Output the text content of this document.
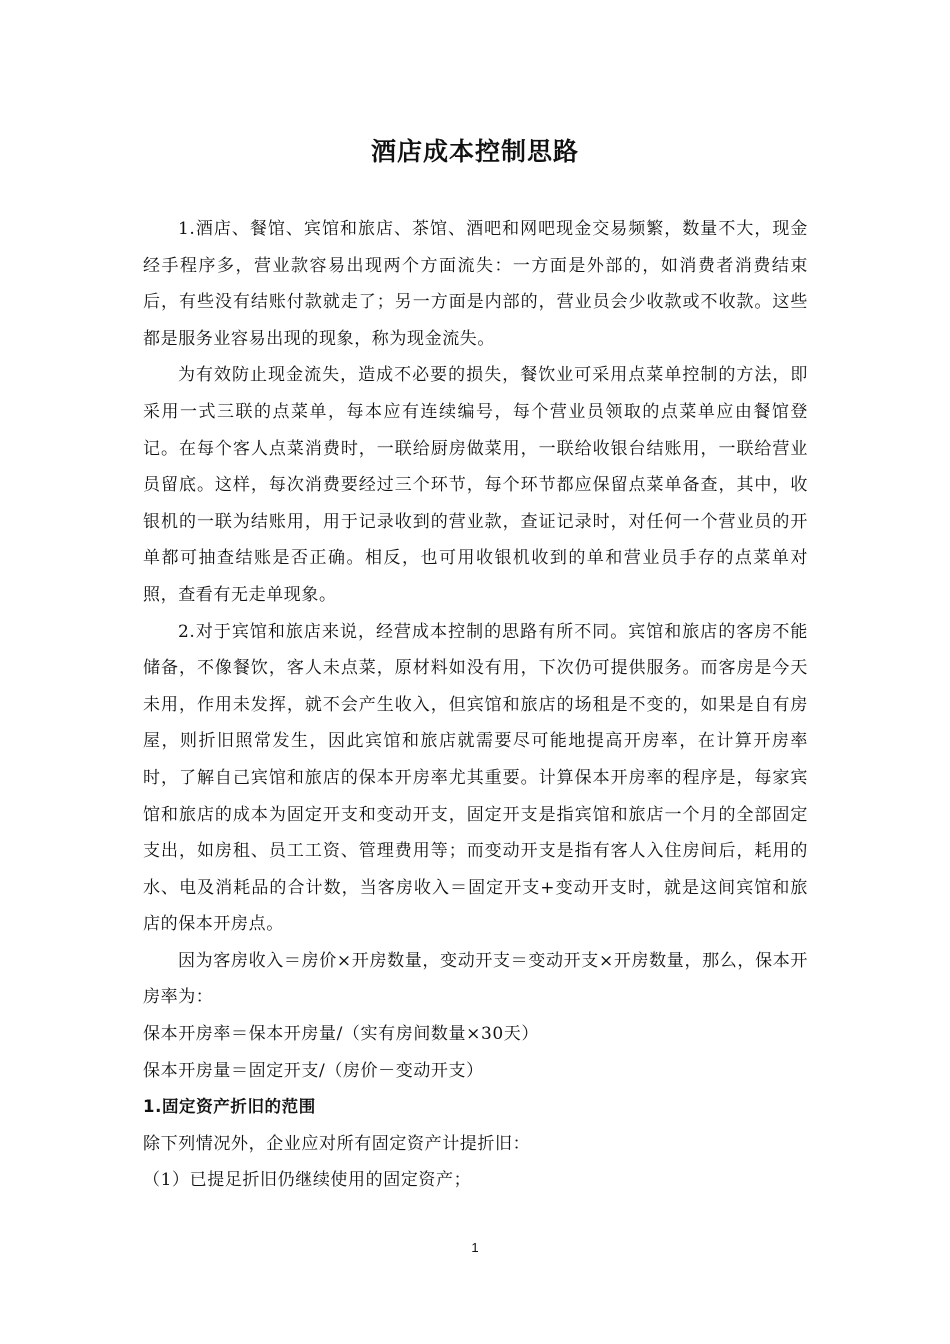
酒店成本控制思路

1.酒店、餐馆、宾馆和旅店、茶馆、酒吧和网吧现金交易频繁，数量不大，现金经手程序多，营业款容易出现两个方面流失：一方面是外部的，如消费者消费结束后，有些没有结账付款就走了；另一方面是内部的，营业员会少收款或不收款。这些都是服务业容易出现的现象，称为现金流失。

为有效防止现金流失，造成不必要的损失，餐饮业可采用点菜单控制的方法，即采用一式三联的点菜单，每本应有连续编号，每个营业员领取的点菜单应由餐馆登记。在每个客人点菜消费时，一联给厨房做菜用，一联给收银台结账用，一联给营业员留底。这样，每次消费要经过三个环节，每个环节都应保留点菜单备查，其中，收银机的一联为结账用，用于记录收到的营业款，查证记录时，对任何一个营业员的开单都可抽查结账是否正确。相反，也可用收银机收到的单和营业员手存的点菜单对照，查看有无走单现象。

2.对于宾馆和旅店来说，经营成本控制的思路有所不同。宾馆和旅店的客房不能储备，不像餐饮，客人未点菜，原材料如没有用，下次仍可提供服务。而客房是今天未用，作用未发挥，就不会产生收入，但宾馆和旅店的场租是不变的，如果是自有房屋，则折旧照常发生，因此宾馆和旅店就需要尽可能地提高开房率，在计算开房率时，了解自己宾馆和旅店的保本开房率尤其重要。计算保本开房率的程序是，每家宾馆和旅店的成本为固定开支和变动开支，固定开支是指宾馆和旅店一个月的全部固定支出，如房租、员工工资、管理费用等；而变动开支是指有客人入住房间后，耗用的水、电及消耗品的合计数，当客房收入＝固定开支+变动开支时，就是这间宾馆和旅店的保本开房点。

因为客房收入＝房价×开房数量，变动开支＝变动开支×开房数量，那么，保本开房率为：

保本开房率＝保本开房量/（实有房间数量×30天）

保本开房量＝固定开支/（房价－变动开支）

1.固定资产折旧的范围

除下列情况外，企业应对所有固定资产计提折旧：

（1）已提足折旧仍继续使用的固定资产；

1
